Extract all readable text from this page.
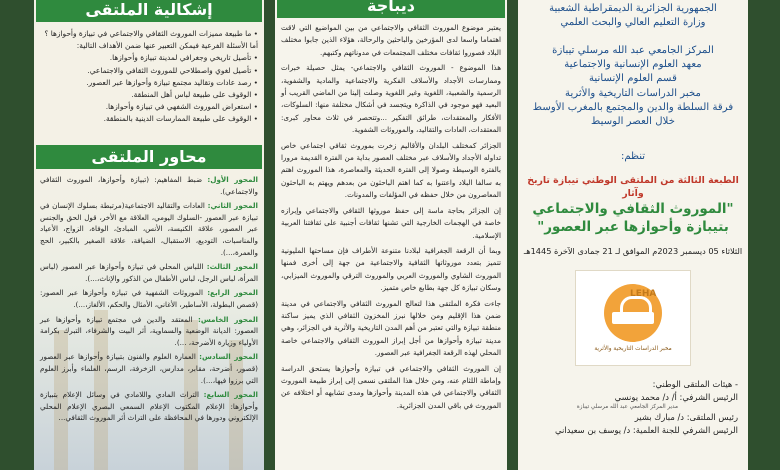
إشكالية الملتقى

• ما طبيعة مميزات الموروث الثقافي والاجتماعي في تبيازة وأحوازها ؟

أما الأسئلة الفرعية فيمكن التعبير عنها ضمن الأهداف التالية:

• تأصيل تاريخي وجغرافي لمدينة تبيازة وأحوازها.

• تأصيل لغوي واصطلاحي للموروث الثقافي والاجتماعي.

• رصد عادات وتقاليد مجتمع تبيازة وأحوازها عبر العصور.

• الوقوف على طبيعة لباس أهل المنطقة.

• استعراض الموروث الشفهي في تبيازة وأحوازها.

• الوقوف على طبيعة الممارسات الدينية بالمنطقة.

محاور الملتقى

المحور الأول: ضبط المفاهيم: (تبيازة وأحوازها، الموروث الثقافي والاجتماعي).

المحور الثاني: العادات والتقاليد الاجتماعية(مرتبطة بسلوك الإنسان في تبيازة عبر العصور -السلوك اليومي، العلاقة مع الأخر، قول الحق والجنس عبر العصور، علاقة الكنيسة، الأنس، المبادئ، الوفاة، الزواج، الأعياد والمناسبات، التوديع، الاستقبال، الضيافة، علاقة الصغير بالكبير، الحج والعمرة،...).

المحور الثالث: اللباس المحلي في تبيازة وأحوازها عبر العصور (لباس المرأة، لباس الرجل، لباس الأطفال من الذكور والإناث،...).

المحور الرابع: الموروثات الشفهية في تبيازة وأحوازها عبر العصور: (قصص البطولة، الأساطير، الأغاني، الأمثال والحكم، الألغاز،...).

المحور الخامس: المعتقد والدين في مجتمع تبيازة وأحوازها عبر العصور: الديانة الوضعية والسماوية، أثر البيت والشرفاء، التبرك بكرامة الأولياء وزيارة الأضرحة، ...).

المحور السادس: العمارة العلوم والفنون بتبيازة وأحوازها عبر العصور (قصور، أضرحة، مقابر، مدارس، الزخرفة، الرسم، العلماء وأبرز العلوم التي برزوا فيها،...).

المحور السابع: التراث المادي واللامادي في وسائل الإعلام بتبيازة وأحوازها: الإعلام المكتوب الإعلام السمعي البصري الإعلام المحلي الإلكتروني ودورها في المحافظة على التراث أثر الموروث الثقافي...

ديباجة

يعتبر موضوع الموروث الثقافي والاجتماعي من بين المواضيع التي لاقت اهتماما واسعا لدى المؤرخين والباحثين والرحالة، هؤلاء الذين جابوا مختلف البلاد فصوروا ثقافات مختلف المجتمعات في مدوناتهم وكتبهم.

هذا الموضوع - الموروث الثقافي والاجتماعي- يمثل حصيلة خبرات وممارسات الأجداد والأسلاف الفكرية والاجتماعية والمادية والشفوية، الرسمية والشعبية، اللغوية وغير اللغوية وصلت إلينا من الماضي القريب أو البعيد فهو موجود في الذاكرة ويتجسد في أشكال مختلفة منها: السلوكات، الأفكار والمعتقدات، طرائق التفكير ...وتتحصر في ثلاث محاور كبرى: المعتقدات، العادات والتقاليد، والموروثات الشفوية.

الجزائر كمختلف البلدان والأقاليم زخرت بموروث ثقافي اجتماعي خاص تداوله الأجداد والأسلاف عبر مختلف العصور بداية من الفترة القديمة مرورا بالفترة الوسيطة وصولا إلى الفترة الحديثة والمعاصرة، هذا الموروث اهتم به سالفا البلاد واعتنوا به كما اهتم الباحثون من بعدهم ويهتم به الباحثون المعاصرون من خلال حفظه في المؤلفات والمدونات.

إن الجزائر بحاجة ماسة إلى حفظ موروثها الثقافي والاجتماعي وإبرازه خاصة في الهجمات الخارجية التي تشنها ثقافات أجنبية على ثقافتنا العربية الإسلامية.

وبما أن الرقعة الجغرافية لبلادنا متنوعة الأطراف فإن مساحتها المليونية تتميز بتعدد موروثاتها الثقافية والاجتماعية من جهة إلى أخرى فمنها الموروث الشاوي والموروث العربي والموروث الترقي والموروث الميزابي، وسكان تبيازة كل جهة بطابع خاص متميز.

جاءت فكرة الملتقى هذا لتعالج الموروث الثقافي والاجتماعي في مدينة ضمن هذا الإقليم ومن خلالها نبرز المخزون الثقافي الذي يميز ساكنة منطقة تبيازة والتي تعتبر من أهم المدن التاريخية والأثرية في الجزائر، وهي مدينة تبيازة وأحوازها من أجل إبراز الموروث الثقافي والاجتماعي خاصة المحلي لهذه الرقعة الجغرافية عبر العصور.

إن الموروث الثقافي والاجتماعي في تبيازة وأحوازها يستحق الدراسة وإماطة اللثام عنه، ومن خلال هذا الملتقى نسعى إلى إبراز طبيعة الموروث الثقافي والاجتماعي في هذه المدينة وأحوازها ومدى تشابهه أو اختلافه عن الموروث في باقي المدن الجزائرية.

الجمهورية الجزائرية الديمقراطية الشعبية
وزارة التعليم العالي والبحث العلمي
المركز الجامعي عبد الله مرسلي تيبازة
معهد العلوم الإنسانية والاجتماعية
قسم العلوم الإنسانية
مخبر الدراسات التاريخية والأثرية
فرقة السلطة والدين والمجتمع بالمغرب الأوسط
خلال العصر الوسيط
تنظم:
الطبعة الثالثة من الملتقى الوطني تيبازة تاريخ وآثار
"الموروث الثقافي والاجتماعي بتيبازة وأحوازها عبر العصور"
الثلاثاء 05 ديسمبر 2023م الموافق لـ 21 جمادى الآخرة 1445هـ
LEHA
مخبر الدراسات التاريخية والأثرية
- هيئات الملتقى الوطني:
الرئيس الشرفي: أ/ د/ محمد يونسي
مدير المركز الجامعي عبد الله مرسلي تيبازة
رئيس الملتقى: د/ مبارك بشير
الرئيس الشرفي للجنة العلمية: د/ يوسف بن سعيداني
